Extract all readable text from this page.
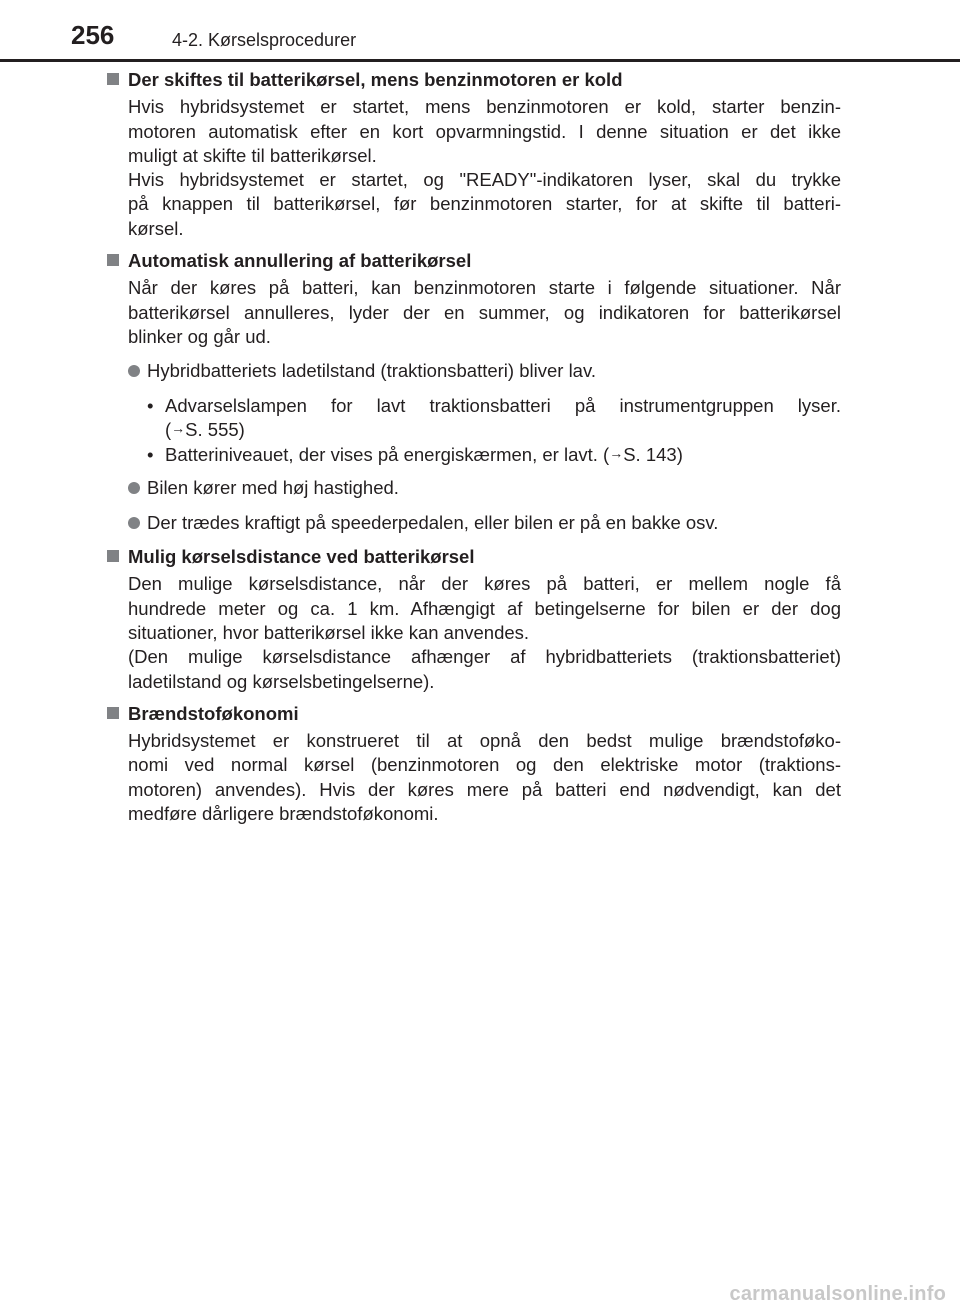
256	4-2. Kørselsprocedurer
Der skiftes til batterikørsel, mens benzinmotoren er kold
Hvis hybridsystemet er startet, mens benzinmotoren er kold, starter benzin-
motoren automatisk efter en kort opvarmningstid. I denne situation er det ikke
muligt at skifte til batterikørsel.
Hvis hybridsystemet er startet, og "READY"-indikatoren lyser, skal du trykke
på knappen til batterikørsel, før benzinmotoren starter, for at skifte til batteri-
kørsel.
Automatisk annullering af batterikørsel
Når der køres på batteri, kan benzinmotoren starte i følgende situationer. Når
batterikørsel annulleres, lyder der en summer, og indikatoren for batterikørsel
blinker og går ud.
Hybridbatteriets ladetilstand (traktionsbatteri) bliver lav.
• Advarselslampen for lavt traktionsbatteri på instrumentgruppen lyser.
(→S. 555)
• Batteriniveauet, der vises på energiskærmen, er lavt. (→S. 143)
Bilen kører med høj hastighed.
Der trædes kraftigt på speederpedalen, eller bilen er på en bakke osv.
Mulig kørselsdistance ved batterikørsel
Den mulige kørselsdistance, når der køres på batteri, er mellem nogle få
hundrede meter og ca. 1 km. Afhængigt af betingelserne for bilen er der dog
situationer, hvor batterikørsel ikke kan anvendes.
(Den mulige kørselsdistance afhænger af hybridbatteriets (traktionsbatteriet)
ladetilstand og kørselsbetingelserne).
Brændstoføkonomi
Hybridsystemet er konstrueret til at opnå den bedst mulige brændstoføko-
nomi ved normal kørsel (benzinmotoren og den elektriske motor (traktions-
motoren) anvendes). Hvis der køres mere på batteri end nødvendigt, kan det
medføre dårligere brændstoføkonomi.
carmanualsonline.info
